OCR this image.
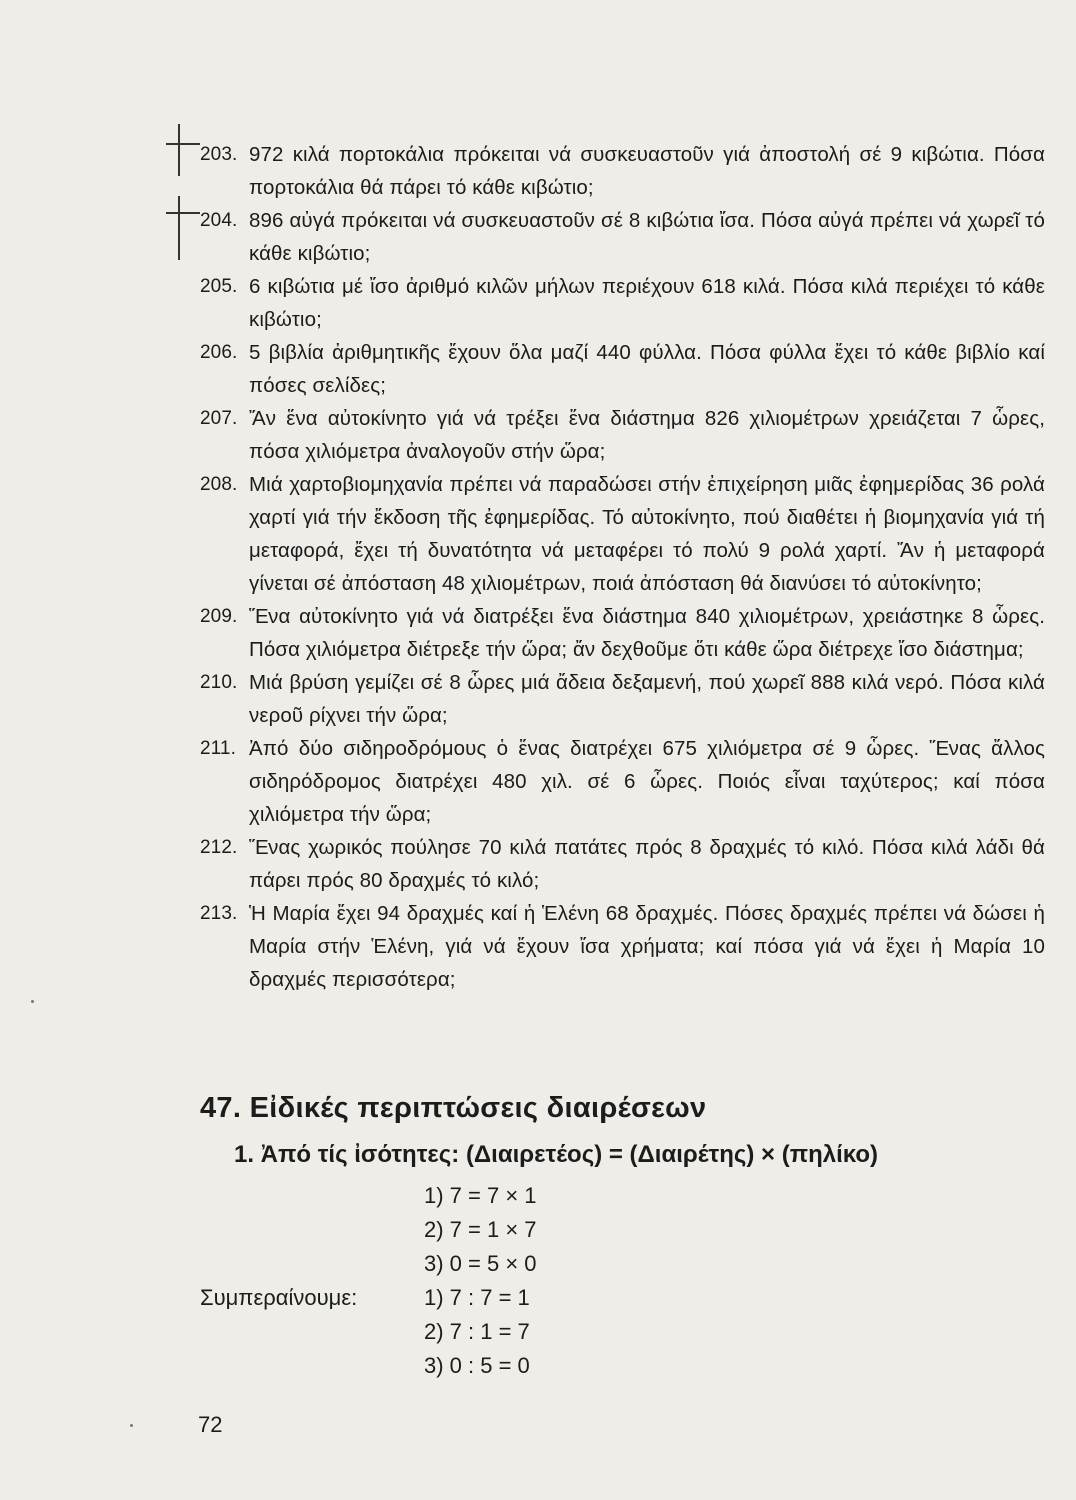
203. 972 κιλά πορτοκάλια πρόκειται νά συσκευαστοῦν γιά ἀποστολή σέ 9 κιβώτια. Πόσα πορτοκάλια θά πάρει τό κάθε κιβώτιο;
204. 896 αὐγά πρόκειται νά συσκευαστοῦν σέ 8 κιβώτια ἴσα. Πόσα αὐγά πρέπει νά χωρεῖ τό κάθε κιβώτιο;
205. 6 κιβώτια μέ ἴσο ἀριθμό κιλῶν μήλων περιέχουν 618 κιλά. Πόσα κιλά περιέχει τό κάθε κιβώτιο;
206. 5 βιβλία ἀριθμητικῆς ἔχουν ὅλα μαζί 440 φύλλα. Πόσα φύλλα ἔχει τό κάθε βιβλίο καί πόσες σελίδες;
207. Ἄν ἕνα αὐτοκίνητο γιά νά τρέξει ἕνα διάστημα 826 χιλιομέτρων χρειάζεται 7 ὧρες, πόσα χιλιόμετρα ἀναλογοῦν στήν ὥρα;
208. Μιά χαρτοβιομηχανία πρέπει νά παραδώσει στήν ἐπιχείρηση μιᾶς ἐφημερίδας 36 ρολά χαρτί γιά τήν ἔκδοση τῆς ἐφημερίδας. Τό αὐτοκίνητο, πού διαθέτει ἡ βιομηχανία γιά τή μεταφορά, ἔχει τή δυνατότητα νά μεταφέρει τό πολύ 9 ρολά χαρτί. Ἄν ἡ μεταφορά γίνεται σέ ἀπόσταση 48 χιλιομέτρων, ποιά ἀπόσταση θά διανύσει τό αὐτοκίνητο;
209. Ἕνα αὐτοκίνητο γιά νά διατρέξει ἕνα διάστημα 840 χιλιομέτρων, χρειάστηκε 8 ὧρες. Πόσα χιλιόμετρα διέτρεξε τήν ὥρα; ἄν δεχθοῦμε ὅτι κάθε ὥρα διέτρεχε ἴσο διάστημα;
210. Μιά βρύση γεμίζει σέ 8 ὧρες μιά ἄδεια δεξαμενή, πού χωρεῖ 888 κιλά νερό. Πόσα κιλά νεροῦ ρίχνει τήν ὥρα;
211. Ἀπό δύο σιδηροδρόμους ὁ ἕνας διατρέχει 675 χιλιόμετρα σέ 9 ὧρες. Ἕνας ἄλλος σιδηρόδρομος διατρέχει 480 χιλ. σέ 6 ὧρες. Ποιός εἶναι ταχύτερος; καί πόσα χιλιόμετρα τήν ὥρα;
212. Ἕνας χωρικός πούλησε 70 κιλά πατάτες πρός 8 δραχμές τό κιλό. Πόσα κιλά λάδι θά πάρει πρός 80 δραχμές τό κιλό;
213. Ἡ Μαρία ἔχει 94 δραχμές καί ἡ Ἑλένη 68 δραχμές. Πόσες δραχμές πρέπει νά δώσει ἡ Μαρία στήν Ἑλένη, γιά νά ἔχουν ἴσα χρήματα; καί πόσα γιά νά ἔχει ἡ Μαρία 10 δραχμές περισσότερα;
47. Εἰδικές περιπτώσεις διαιρέσεων
1. Ἀπό τίς ἰσότητες: (Διαιρετέος) = (Διαιρέτης) × (πηλίκο)
1) 7 = 7 × 1
2) 7 = 1 × 7
3) 0 = 5 × 0
Συμπεραίνουμε:	1) 7 : 7 = 1
2) 7 : 1 = 7
3) 0 : 5 = 0
72
